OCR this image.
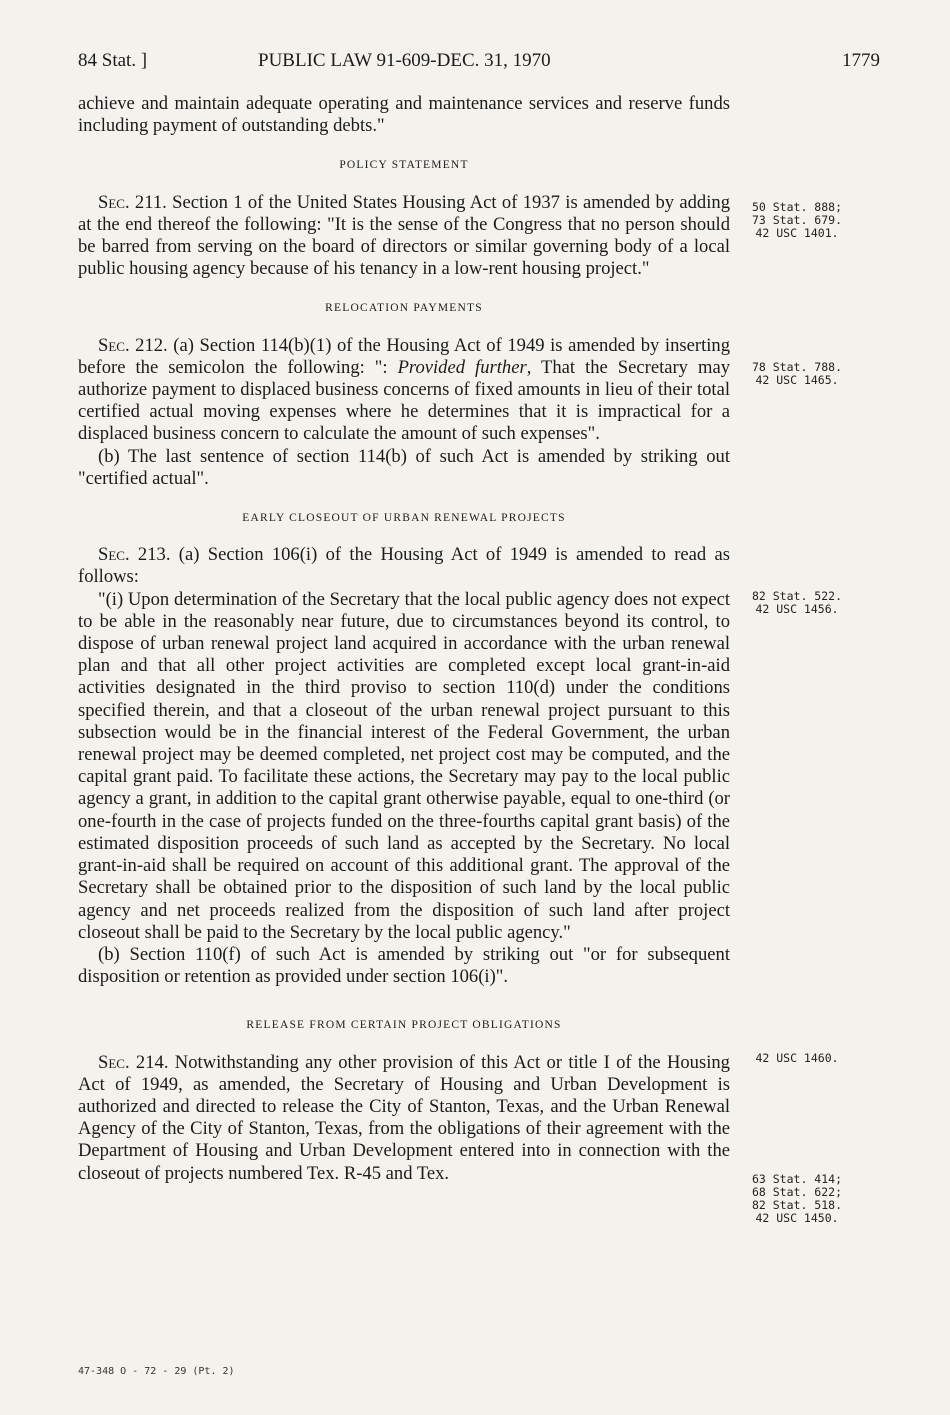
84 Stat. ]	PUBLIC LAW 91-609-DEC. 31, 1970	1779

achieve and maintain adequate operating and maintenance services and reserve funds including payment of outstanding debts."

POLICY STATEMENT

Sec. 211. Section 1 of the United States Housing Act of 1937 is amended by adding at the end thereof the following: "It is the sense of the Congress that no person should be barred from serving on the board of directors or similar governing body of a local public housing agency because of his tenancy in a low-rent housing project."

RELOCATION PAYMENTS

Sec. 212. (a) Section 114(b)(1) of the Housing Act of 1949 is amended by inserting before the semicolon the following: ": Provided further, That the Secretary may authorize payment to displaced business concerns of fixed amounts in lieu of their total certified actual moving expenses where he determines that it is impractical for a displaced business concern to calculate the amount of such expenses".

(b) The last sentence of section 114(b) of such Act is amended by striking out "certified actual".

EARLY CLOSEOUT OF URBAN RENEWAL PROJECTS

Sec. 213. (a) Section 106(i) of the Housing Act of 1949 is amended to read as follows:

"(i) Upon determination of the Secretary that the local public agency does not expect to be able in the reasonably near future, due to circumstances beyond its control, to dispose of urban renewal project land acquired in accordance with the urban renewal plan and that all other project activities are completed except local grant-in-aid activities designated in the third proviso to section 110(d) under the conditions specified therein, and that a closeout of the urban renewal project pursuant to this subsection would be in the financial interest of the Federal Government, the urban renewal project may be deemed completed, net project cost may be computed, and the capital grant paid. To facilitate these actions, the Secretary may pay to the local public agency a grant, in addition to the capital grant otherwise payable, equal to one-third (or one-fourth in the case of projects funded on the three-fourths capital grant basis) of the estimated disposition proceeds of such land as accepted by the Secretary. No local grant-in-aid shall be required on account of this additional grant. The approval of the Secretary shall be obtained prior to the disposition of such land by the local public agency and net proceeds realized from the disposition of such land after project closeout shall be paid to the Secretary by the local public agency."

(b) Section 110(f) of such Act is amended by striking out "or for subsequent disposition or retention as provided under section 106(i)".

RELEASE FROM CERTAIN PROJECT OBLIGATIONS

Sec. 214. Notwithstanding any other provision of this Act or title I of the Housing Act of 1949, as amended, the Secretary of Housing and Urban Development is authorized and directed to release the City of Stanton, Texas, and the Urban Renewal Agency of the City of Stanton, Texas, from the obligations of their agreement with the Department of Housing and Urban Development entered into in connection with the closeout of projects numbered Tex. R-45 and Tex.

50 Stat. 888;
73 Stat. 679.
42 USC 1401.
78 Stat. 788.
42 USC 1465.
82 Stat. 522.
42 USC 1456.
42 USC 1460.
63 Stat. 414;
68 Stat. 622;
82 Stat. 518.
42 USC 1450.
47-348 O - 72 - 29 (Pt. 2)
